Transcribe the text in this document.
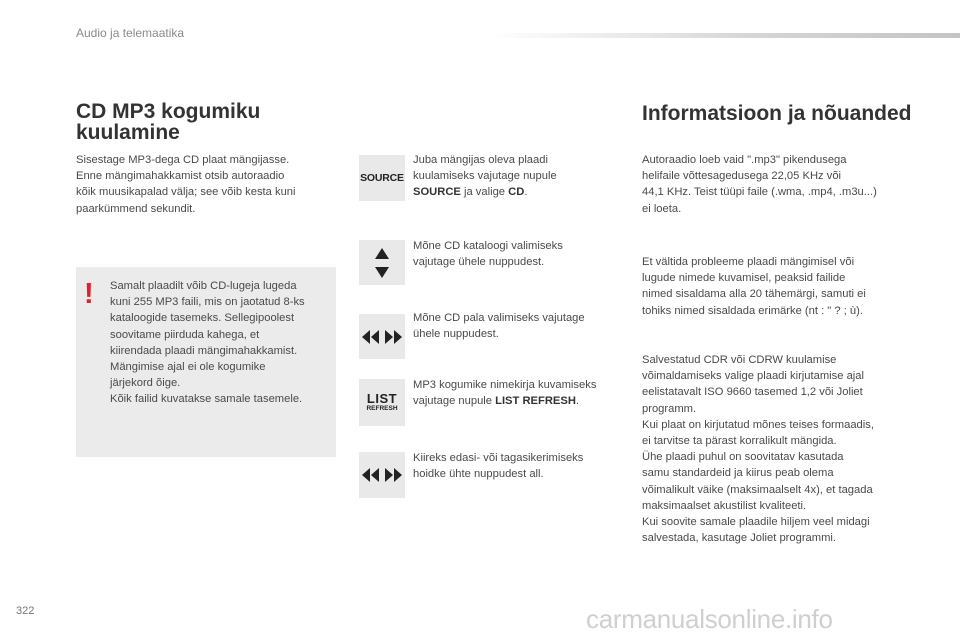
Audio ja telemaatika
CD MP3 kogumiku
kuulamine

Sisestage MP3-dega CD plaat mängijasse.

Enne mängimahakkamist otsib autoraadio

kõik muusikapalad välja; see võib kesta kuni

paarkümmend sekundit.

! Samalt plaadilt võib CD-lugeja lugeda

kuni 255 MP3 faili, mis on jaotatud 8-ks

kataloogide tasemeks. Sellegipoolest

soovitame piirduda kahega, et

kiirendada plaadi mängimahakkamist.

Mängimise ajal ei ole kogumike

järjekord õige.

Kõik failid kuvatakse samale tasemele.

SOURCE
LIST
REFRESH

Juba mängijas oleva plaadi

kuulamiseks vajutage nupule

SOURCE ja valige CD.

Mõne CD kataloogi valimiseks

vajutage ühele nuppudest.

Mõne CD pala valimiseks vajutage

ühele nuppudest.

MP3 kogumike nimekirja kuvamiseks

vajutage nupule LIST REFRESH.

Kiireks edasi- või tagasikerimiseks

hoidke ühte nuppudest all.

Informatsioon ja nõuanded

Autoraadio loeb vaid ".mp3" pikendusega

helifaile võttesagedusega 22,05 KHz või

44,1 KHz. Teist tüüpi faile (.wma, .mp4, .m3u...)

ei loeta.

Et vältida probleeme plaadi mängimisel või

lugude nimede kuvamisel, peaksid failide

nimed sisaldama alla 20 tähemärgi, samuti ei

tohiks nimed sisaldada erimärke (nt : " ? ; ù).

Salvestatud CDR või CDRW kuulamise

võimaldamiseks valige plaadi kirjutamise ajal

eelistatavalt ISO 9660 tasemed 1,2 või Joliet

programm.

Kui plaat on kirjutatud mõnes teises formaadis,

ei tarvitse ta pärast korralikult mängida.

Ühe plaadi puhul on soovitatav kasutada

samu standardeid ja kiirus peab olema

võimalikult väike (maksimaalselt 4x), et tagada

maksimaalset akustilist kvaliteeti.

Kui soovite samale plaadile hiljem veel midagi

salvestada, kasutage Joliet programmi.

322	carmanualsonline.info
